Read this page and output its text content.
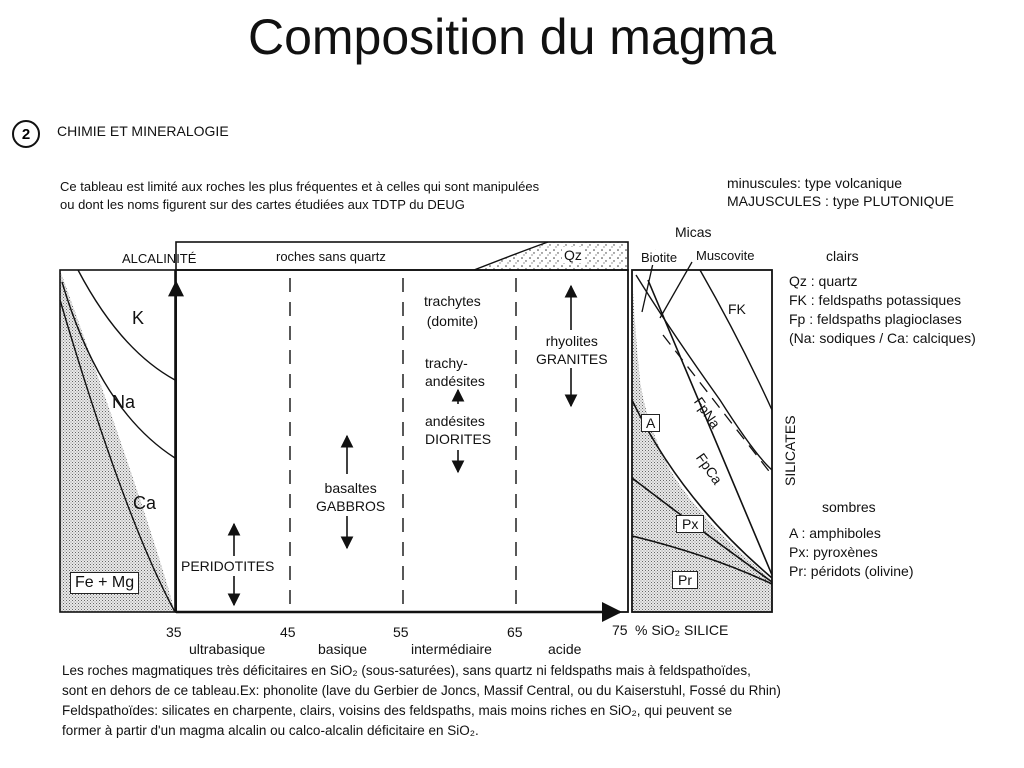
Composition du magma
2 CHIMIE ET MINERALOGIE
Ce tableau est limité aux roches les plus fréquentes et à celles qui sont manipulées
ou dont les noms figurent sur des cartes étudiées aux TDTP du DEUG
minuscules: type volcanique
MAJUSCULES : type PLUTONIQUE
ALCALINITÉ
K
Na
Ca
Fe + Mg
roches sans quartz	Qz
trachytes
(domite)
trachy-
andésites
andésites
DIORITES
rhyolites
GRANITES
basaltes
GABBROS
PERIDOTITES
35	45	55	65	75 % SiO₂ SILICE
ultrabasique	basique	intermédiaire	acide
Micas
Biotite Muscovite
FK
FpNa
FpCa
A
Px
Pr
SILICATES
clairs
Qz : quartz
FK : feldspaths potassiques
Fp : feldspaths plagioclases
(Na: sodiques / Ca: calciques)
sombres
A : amphiboles
Px: pyroxènes
Pr: péridots (olivine)
Les roches magmatiques très déficitaires en SiO₂ (sous-saturées), sans quartz ni feldspaths mais à feldspathoïdes,
sont en dehors de ce tableau.Ex: phonolite (lave du Gerbier de Joncs, Massif Central, ou du Kaiserstuhl, Fossé du Rhin)
Feldspathoïdes: silicates en charpente, clairs, voisins des feldspaths, mais moins riches en SiO₂, qui peuvent se
former à partir d'un magma alcalin ou calco-alcalin déficitaire en SiO₂.
